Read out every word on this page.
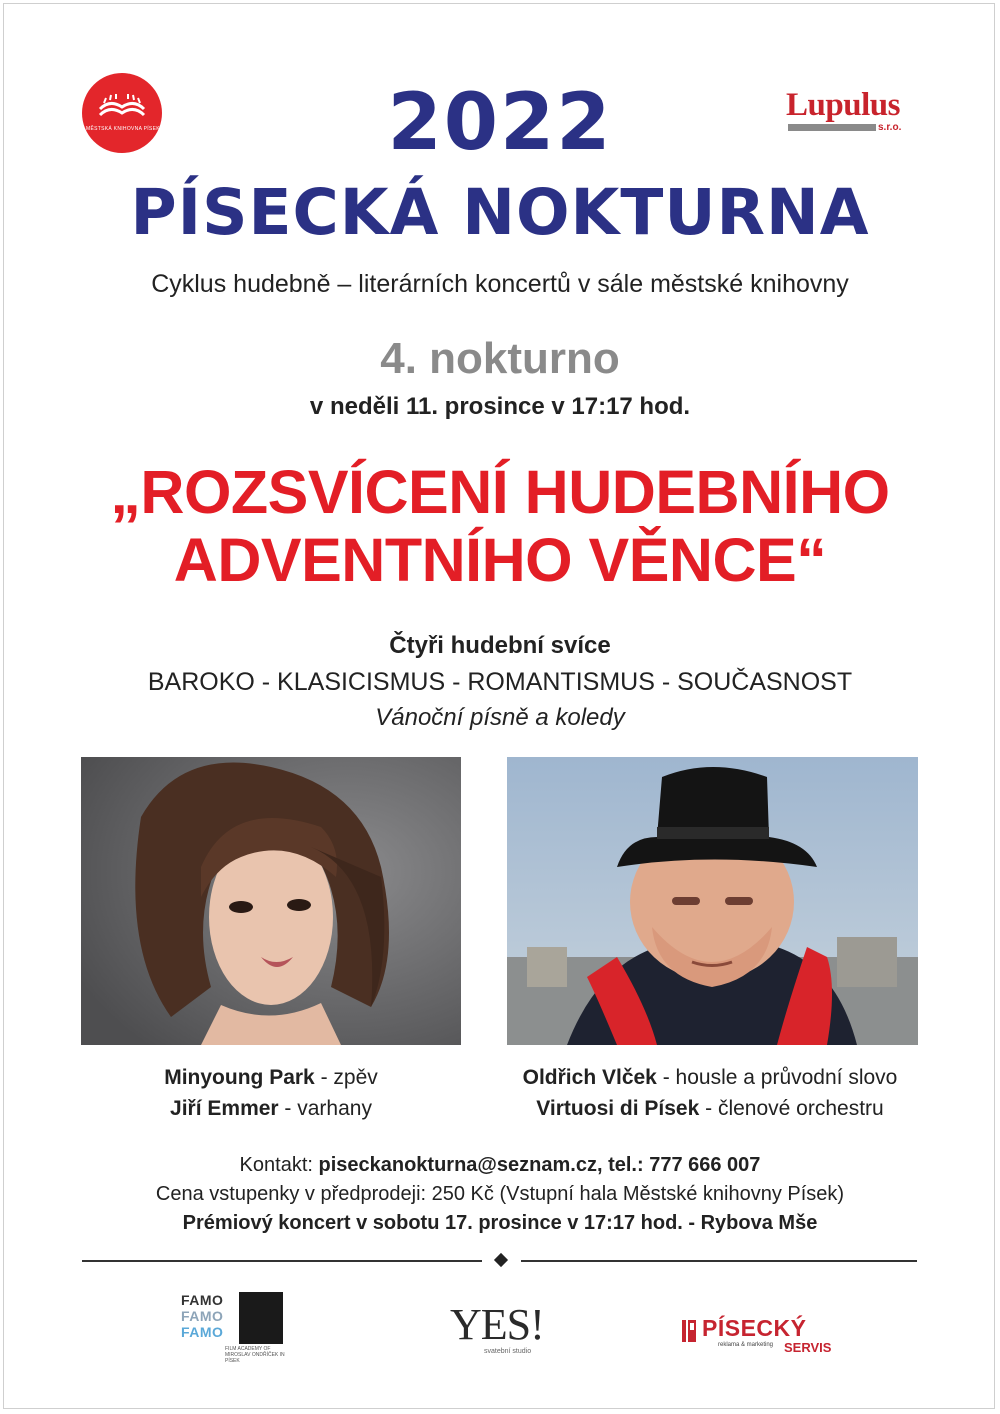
MĚSTSKÁ KNIHOVNA PÍSEK
Lupulus
s.r.o.
2022
PÍSECKÁ NOKTURNA
Cyklus hudebně – literárních koncertů v sále městské knihovny
4. nokturno
v neděli 11. prosince v 17:17 hod.
„ROZSVÍCENÍ HUDEBNÍHO
ADVENTNÍHO VĚNCE“
Čtyři hudební svíce
BAROKO - KLASICISMUS - ROMANTISMUS - SOUČASNOST
Vánoční písně a koledy
Minyoung Park - zpěv
Jiří Emmer - varhany
Oldřich Vlček - housle a průvodní slovo
Virtuosi di Písek - členové orchestru
Kontakt: piseckanokturna@seznam.cz, tel.: 777 666 007
Cena vstupenky v předprodeji: 250 Kč (Vstupní hala Městské knihovny Písek)
Prémiový koncert v sobotu 17. prosince v 17:17 hod. - Rybova Mše
FAMO
FAMO
FAMO
FILM ACADEMY OF MIROSLAV ONDŘÍČEK IN PÍSEK
YES!
svatební studio
PÍSECKÝ
reklama & marketing SERVIS
